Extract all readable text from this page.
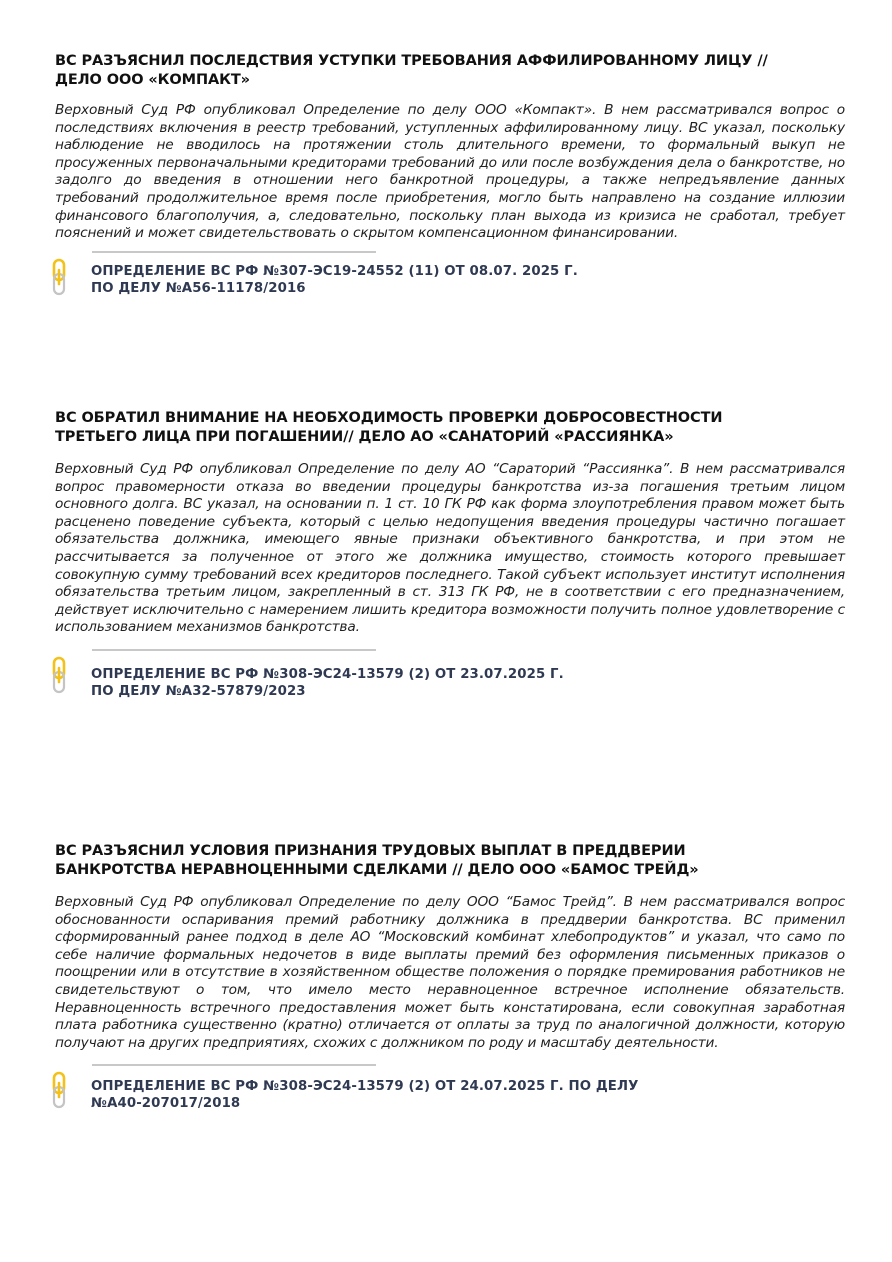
ВС РАЗЪЯСНИЛ ПОСЛЕДСТВИЯ УСТУПКИ ТРЕБОВАНИЯ АФФИЛИРОВАННОМУ ЛИЦУ //
ДЕЛО ООО «КОМПАКТ»

Верховный Суд РФ опубликовал Определение по делу ООО «Компакт». В нем рассматривался вопрос о последствиях включения в реестр требований, уступленных аффилированному лицу. ВС указал, поскольку наблюдение не вводилось на протяжении столь длительного времени, то формальный выкуп не просуженных первоначальными кредиторами требований до или после возбуждения дела о банкротстве, но задолго до введения в отношении него банкротной процедуры, а также непредъявление данных требований продолжительное время после приобретения, могло быть направлено на создание иллюзии финансового благополучия, а, следовательно, поскольку план выхода из кризиса не сработал, требует пояснений и может свидетельствовать о скрытом компенсационном финансировании.

ОПРЕДЕЛЕНИЕ ВС РФ №307-ЭС19-24552 (11) ОТ 08.07. 2025 Г.
ПО ДЕЛУ №А56-11178/2016
ВС ОБРАТИЛ ВНИМАНИЕ НА НЕОБХОДИМОСТЬ ПРОВЕРКИ ДОБРОСОВЕСТНОСТИ
ТРЕТЬЕГО ЛИЦА ПРИ ПОГАШЕНИИ// ДЕЛО АО «САНАТОРИЙ «РАССИЯНКА»

Верховный Суд РФ опубликовал Определение по делу АО “Сараторий “Рассиянка”. В нем рассматривался вопрос правомерности отказа во введении процедуры банкротства из-за погашения третьим лицом основного долга. ВС указал, на основании п. 1 ст. 10 ГК РФ как форма злоупотребления правом может быть расценено поведение субъекта, который с целью недопущения введения процедуры частично погашает обязательства должника, имеющего явные признаки объективного банкротства, и при этом не рассчитывается за полученное от этого же должника имущество, стоимость которого превышает совокупную сумму требований всех кредиторов последнего. Такой субъект использует институт исполнения обязательства третьим лицом, закрепленный в ст. 313 ГК РФ, не в соответствии с его предназначением, действует исключительно с намерением лишить кредитора возможности получить полное удовлетворение с использованием механизмов банкротства.

ОПРЕДЕЛЕНИЕ ВС РФ №308-ЭС24-13579 (2) ОТ 23.07.2025 Г.
ПО ДЕЛУ №А32-57879/2023
ВС РАЗЪЯСНИЛ УСЛОВИЯ ПРИЗНАНИЯ ТРУДОВЫХ ВЫПЛАТ В ПРЕДДВЕРИИ
БАНКРОТСТВА НЕРАВНОЦЕННЫМИ СДЕЛКАМИ // ДЕЛО ООО «БАМОС ТРЕЙД»

Верховный Суд РФ опубликовал Определение по делу ООО “Бамос Трейд”. В нем рассматривался вопрос обоснованности оспаривания премий работнику должника в преддверии банкротства. ВС применил сформированный ранее подход в деле АО “Московский комбинат хлебопродуктов” и указал, что само по себе наличие формальных недочетов в виде выплаты премий без оформления письменных приказов о поощрении или в отсутствие в хозяйственном обществе положения о порядке премирования работников не свидетельствуют о том, что имело место неравноценное встречное исполнение обязательств. Неравноценность встречного предоставления может быть констатирована, если совокупная заработная плата работника существенно (кратно) отличается от оплаты за труд по аналогичной должности, которую получают на других предприятиях, схожих с должником по роду и масштабу деятельности.

ОПРЕДЕЛЕНИЕ ВС РФ №308-ЭС24-13579 (2) ОТ 24.07.2025 Г. ПО ДЕЛУ
№А40-207017/2018
